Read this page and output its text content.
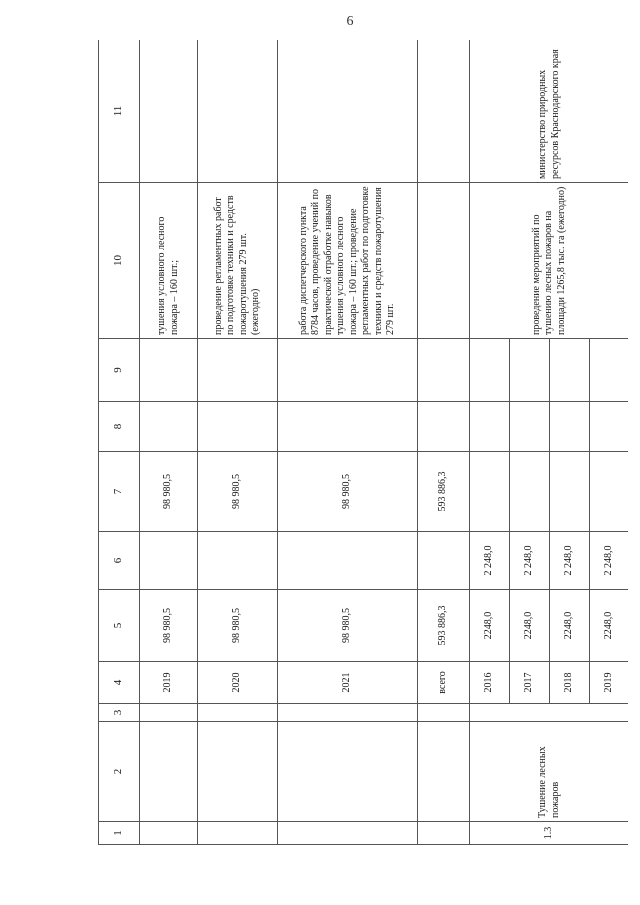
6
1	2	3	4	5	6	7	8	9	10	11
			2019	98 980,5		98 980,5			тушения условного лесного пожара – 160 шт.;	
			2020	98 980,5		98 980,5			проведение регламентных работ по подготовке техники и средств пожаротушения 279 шт. (ежегодно)	
			2021	98 980,5		98 980,5			работа диспетчерского пункта 8784 часов, проведение учений по практической отработке навыков тушения условного лесного пожара – 160 шт.; проведение регламентных работ по подготовке техники и средств пожаротушения 279 шт.	
			всего	593 886,3		593 886,3				
1.3	Тушение лесных пожаров		2016	2248,0	2 248,0				проведение мероприятий по тушению лесных пожаров на площади 1265,8 тыс. га (ежегодно)	министерство природных ресурсов Краснодарского края
			2017	2248,0	2 248,0					
			2018	2248,0	2 248,0					
			2019	2248,0	2 248,0					
